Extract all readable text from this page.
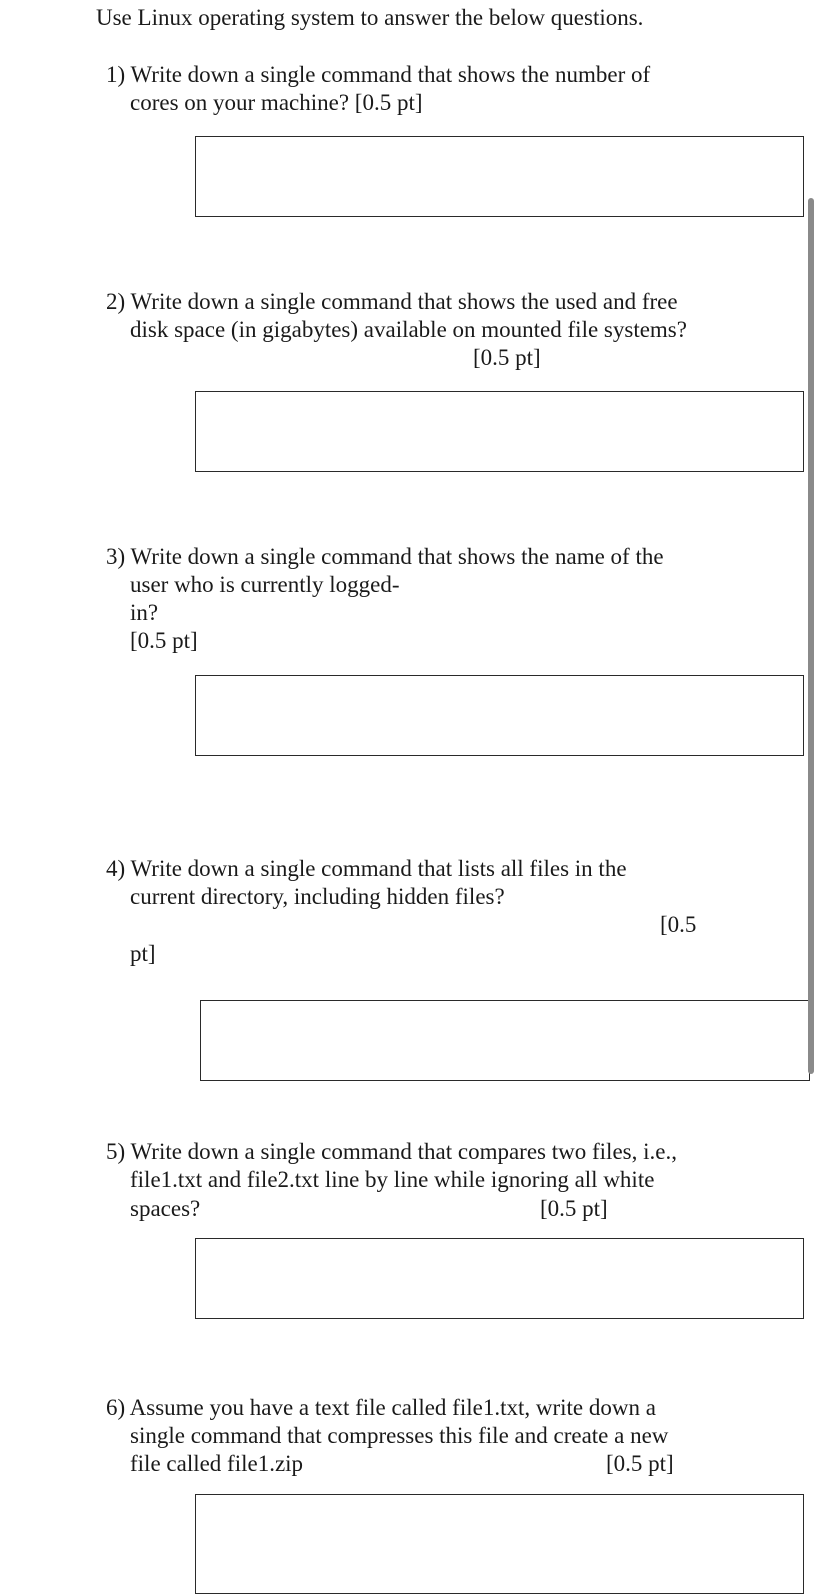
Use Linux operating system to answer the below questions.
1) Write down a single command that shows the number of
cores on your machine? [0.5 pt]
2) Write down a single command that shows the used and free
disk space (in gigabytes) available on mounted file systems?
[0.5 pt]
3) Write down a single command that shows the name of the
user who is currently logged-
in?
[0.5 pt]
4) Write down a single command that lists all files in the
current directory, including hidden files?
[0.5
pt]
5) Write down a single command that compares two files, i.e.,
file1.txt and file2.txt line by line while ignoring all white
spaces?	[0.5 pt]
6) Assume you have a text file called file1.txt, write down a
single command that compresses this file and create a new
file called file1.zip	[0.5 pt]
